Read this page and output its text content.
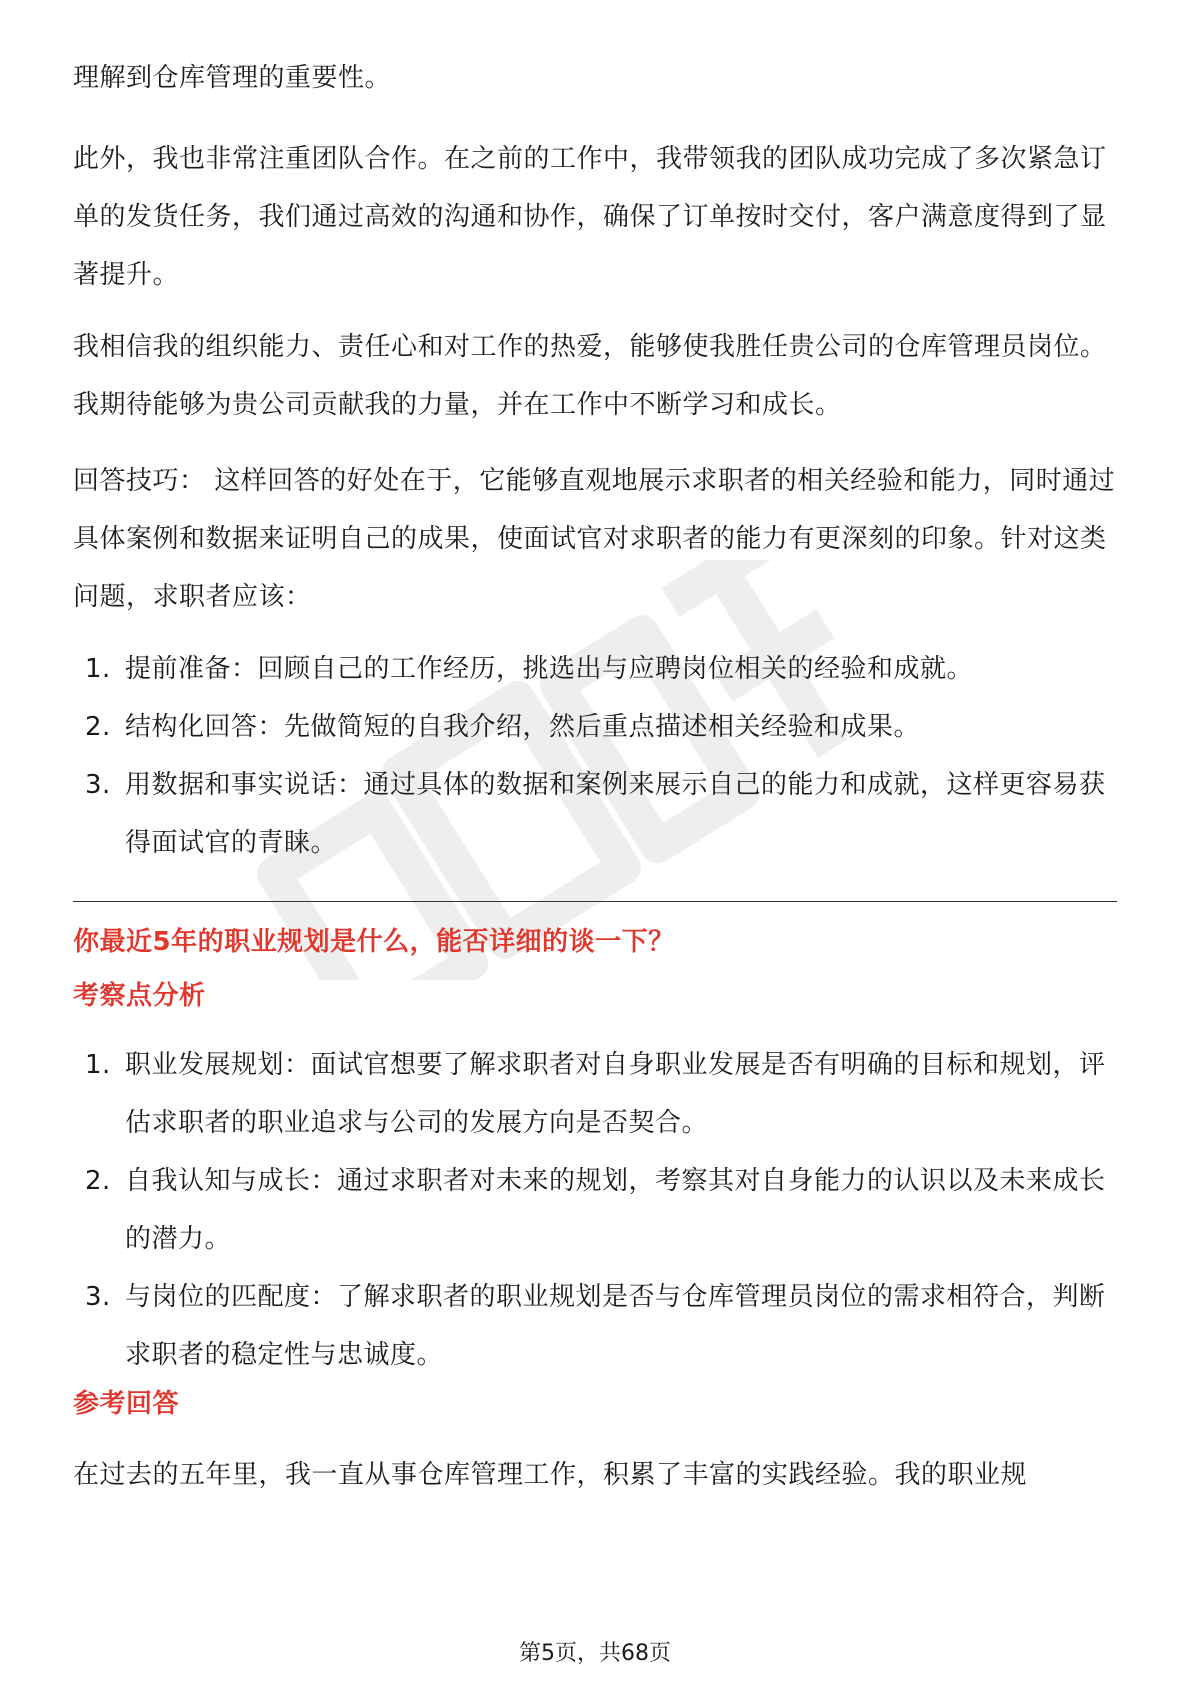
理解到仓库管理的重要性。

此外，我也非常注重团队合作。在之前的工作中，我带领我的团队成功完成了多次紧急订单的发货任务，我们通过高效的沟通和协作，确保了订单按时交付，客户满意度得到了显著提升。

我相信我的组织能力、责任心和对工作的热爱，能够使我胜任贵公司的仓库管理员岗位。我期待能够为贵公司贡献我的力量，并在工作中不断学习和成长。

回答技巧： 这样回答的好处在于，它能够直观地展示求职者的相关经验和能力，同时通过具体案例和数据来证明自己的成果，使面试官对求职者的能力有更深刻的印象。针对这类问题，求职者应该：

1. 提前准备：回顾自己的工作经历，挑选出与应聘岗位相关的经验和成就。
2. 结构化回答：先做简短的自我介绍，然后重点描述相关经验和成果。
3. 用数据和事实说话：通过具体的数据和案例来展示自己的能力和成就，这样更容易获得面试官的青睐。

你最近5年的职业规划是什么，能否详细的谈一下？

考察点分析

1. 职业发展规划：面试官想要了解求职者对自身职业发展是否有明确的目标和规划，评估求职者的职业追求与公司的发展方向是否契合。
2. 自我认知与成长：通过求职者对未来的规划，考察其对自身能力的认识以及未来成长的潜力。
3. 与岗位的匹配度：了解求职者的职业规划是否与仓库管理员岗位的需求相符合，判断求职者的稳定性与忠诚度。

参考回答

在过去的五年里，我一直从事仓库管理工作，积累了丰富的实践经验。我的职业规

第5页，共68页
